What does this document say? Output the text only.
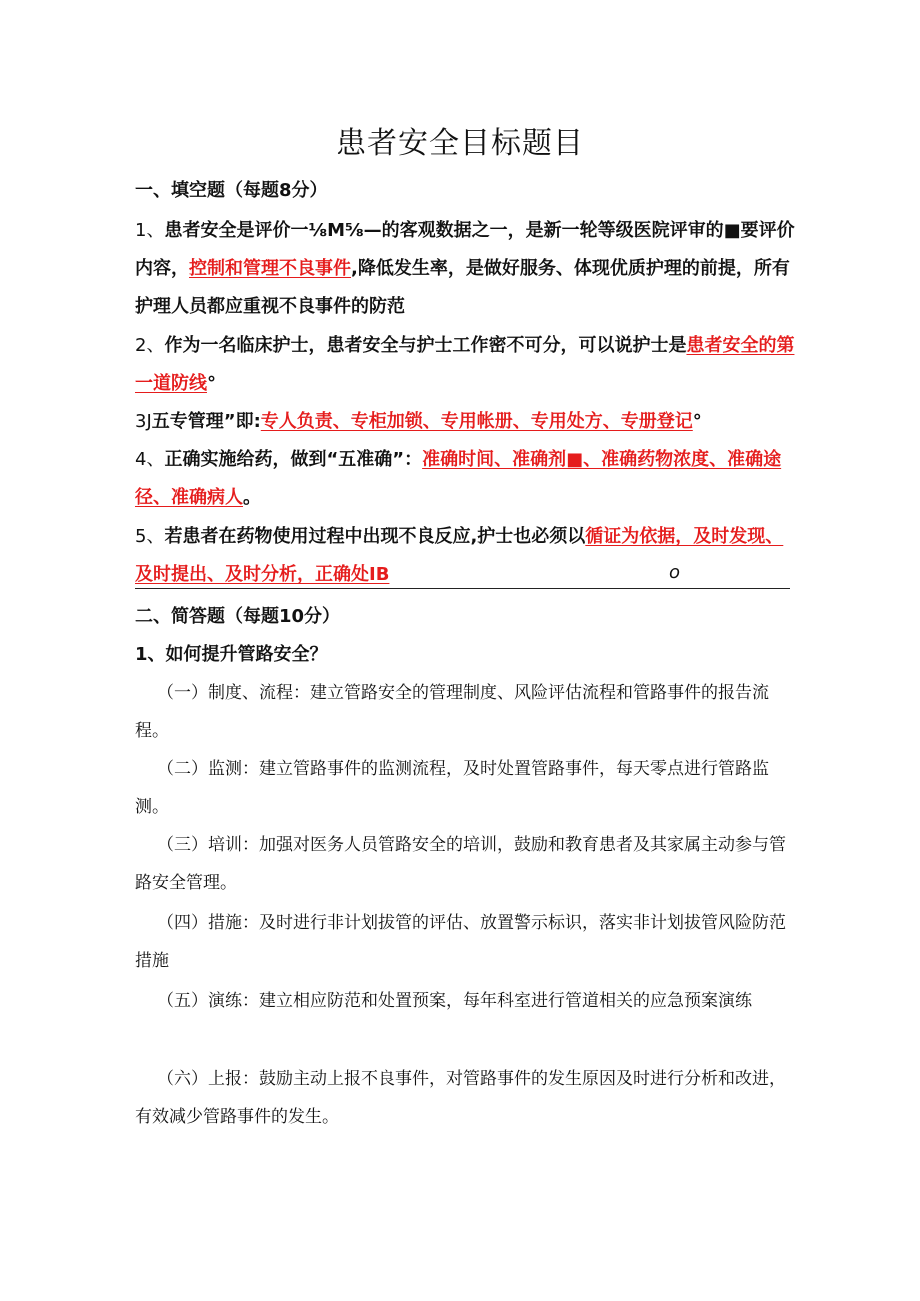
患者安全目标题目
一、填空题（每题8分）

1、患者安全是评价一⅛M⅝—的客观数据之一，是新一轮等级医院评审的■要评价内容，控制和管理不良事件,降低发生率，是做好服务、体现优质护理的前提，所有护理人员都应重视不良事件的防范

2、作为一名临床护士，患者安全与护士工作密不可分，可以说护士是患者安全的第一道防线°

3J五专管理”即:专人负责、专柜加锁、专用帐册、专用处方、专册登记°

4、正确实施给药，做到“五准确”：准确时间、准确剂■、准确药物浓度、准确途径、准确病人。

5、若患者在药物使用过程中出现不良反应,护士也必须以循证为依据，及时发现、及时提出、及时分析，正确处IB	o
二、简答题（每题10分）
1、如何提升管路安全？

（一）制度、流程：建立管路安全的管理制度、风险评估流程和管路事件的报告流程。

（二）监测：建立管路事件的监测流程，及时处置管路事件，每天零点进行管路监测。

（三）培训：加强对医务人员管路安全的培训，鼓励和教育患者及其家属主动参与管路安全管理。

（四）措施：及时进行非计划拔管的评估、放置警示标识，落实非计划拔管风险防范措施

（五）演练：建立相应防范和处置预案，每年科室进行管道相关的应急预案演练

（六）上报：鼓励主动上报不良事件，对管路事件的发生原因及时进行分析和改进，有效减少管路事件的发生。
